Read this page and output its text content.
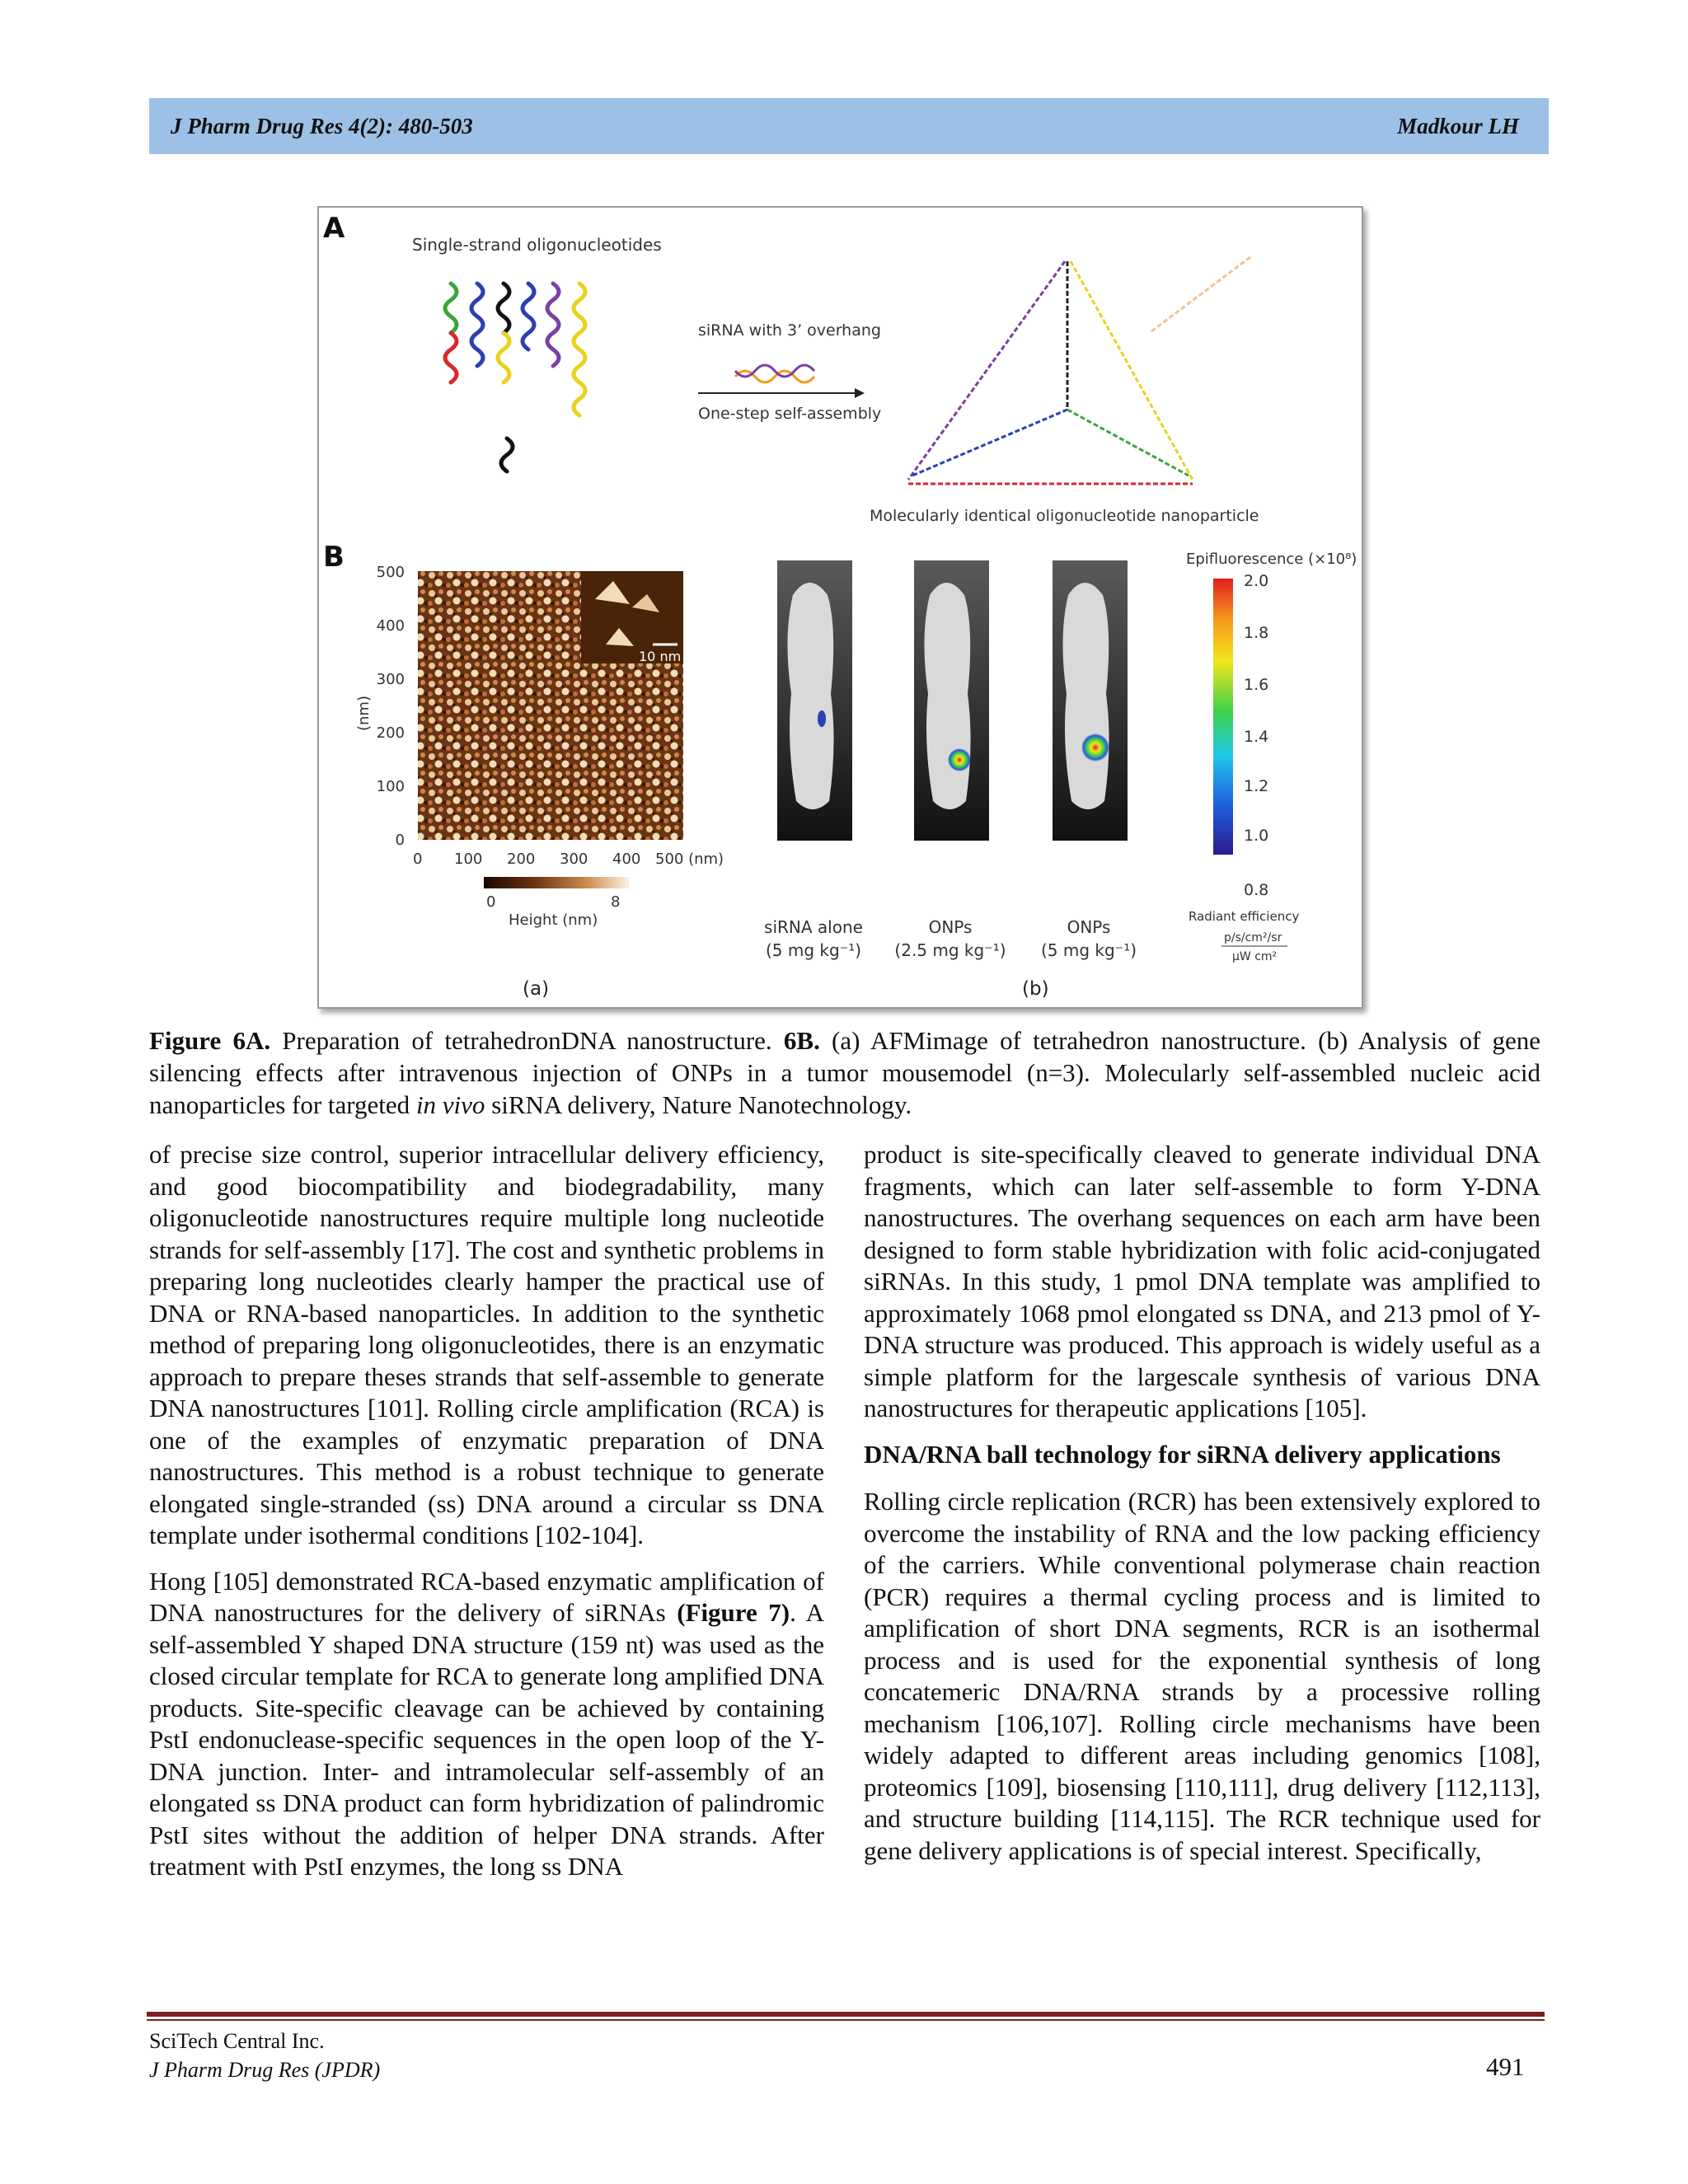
J Pharm Drug Res 4(2): 480-503	Madkour LH
A	Single-strand oligonucleotides
siRNA with 3’ overhang
One-step self-assembly
Molecularly identical oligonucleotide nanoparticle
B
10 nm
500
400
300
200
100
0
(nm)
0 100 200 300 400 500 (nm)
0	8
Height (nm)	siRNA alone
(5 mg kg⁻¹)
ONPs
(2.5 mg kg⁻¹)
ONPs
(5 mg kg⁻¹)
Epifluorescence (×10⁸)
2.0
1.8
1.6
1.4
1.2
1.0
0.8
Radiant efficiency
p/s/cm²/sr
μW cm²
(a)	(b)
Figure 6A. Preparation of tetrahedronDNA nanostructure. 6B. (a) AFMimage of tetrahedron nanostructure. (b) Analysis of gene silencing effects after intravenous injection of ONPs in a tumor mousemodel (n=3). Molecularly self-assembled nucleic acid nanoparticles for targeted in vivo siRNA delivery, Nature Nanotechnology.

of precise size control, superior intracellular delivery efficiency, and good biocompatibility and biodegradability, many oligonucleotide nanostructures require multiple long nucleotide strands for self-assembly [17]. The cost and synthetic problems in preparing long nucleotides clearly hamper the practical use of DNA or RNA-based nanoparticles. In addition to the synthetic method of preparing long oligonucleotides, there is an enzymatic approach to prepare theses strands that self-assemble to generate DNA nanostructures [101]. Rolling circle amplification (RCA) is one of the examples of enzymatic preparation of DNA nanostructures. This method is a robust technique to generate elongated single-stranded (ss) DNA around a circular ss DNA template under isothermal conditions [102-104].

Hong [105] demonstrated RCA-based enzymatic amplification of DNA nanostructures for the delivery of siRNAs (Figure 7). A self-assembled Y shaped DNA structure (159 nt) was used as the closed circular template for RCA to generate long amplified DNA products. Site-specific cleavage can be achieved by containing PstI endonuclease-specific sequences in the open loop of the Y-DNA junction. Inter- and intramolecular self-assembly of an elongated ss DNA product can form hybridization of palindromic PstI sites without the addition of helper DNA strands. After treatment with PstI enzymes, the long ss DNA

product is site-specifically cleaved to generate individual DNA fragments, which can later self-assemble to form Y-DNA nanostructures. The overhang sequences on each arm have been designed to form stable hybridization with folic acid-conjugated siRNAs. In this study, 1 pmol DNA template was amplified to approximately 1068 pmol elongated ss DNA, and 213 pmol of Y-DNA structure was produced. This approach is widely useful as a simple platform for the largescale synthesis of various DNA nanostructures for therapeutic applications [105].

DNA/RNA ball technology for siRNA delivery applications

Rolling circle replication (RCR) has been extensively explored to overcome the instability of RNA and the low packing efficiency of the carriers. While conventional polymerase chain reaction (PCR) requires a thermal cycling process and is limited to amplification of short DNA segments, RCR is an isothermal process and is used for the exponential synthesis of long concatemeric DNA/RNA strands by a processive rolling mechanism [106,107]. Rolling circle mechanisms have been widely adapted to different areas including genomics [108], proteomics [109], biosensing [110,111], drug delivery [112,113], and structure building [114,115]. The RCR technique used for gene delivery applications is of special interest. Specifically,

SciTech Central Inc.
J Pharm Drug Res (JPDR)	491
